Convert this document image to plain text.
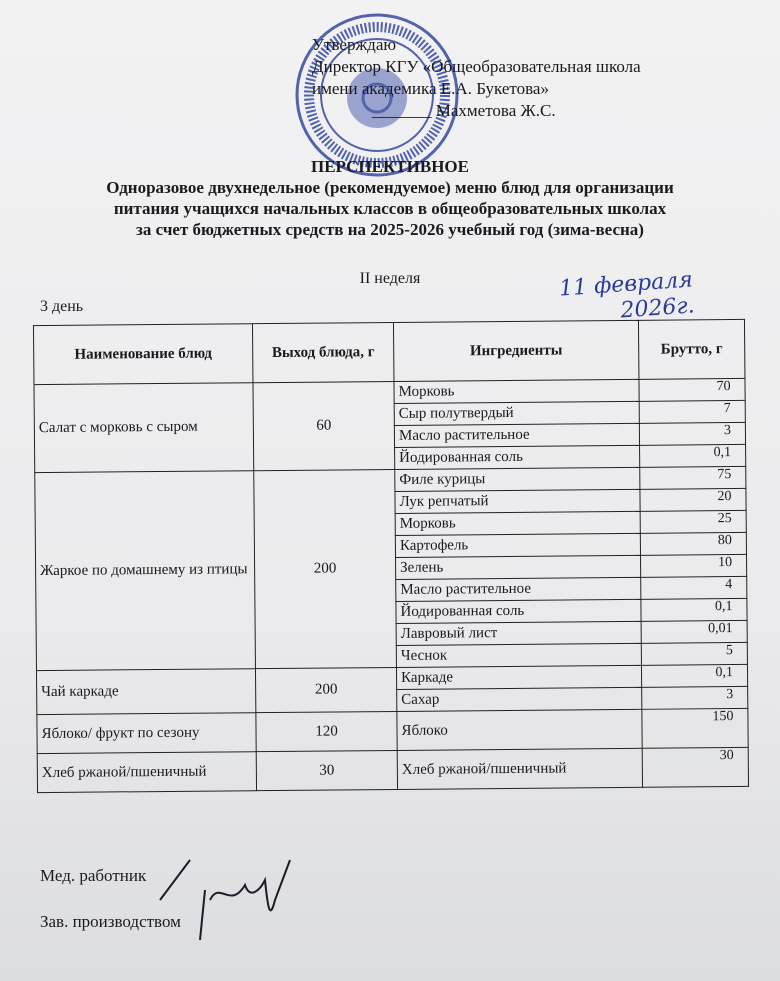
Утверждаю
Директор КГУ «Общеобразовательная школа
имени академика Е.А. Букетова»
_______ Махметова Ж.С.
ПЕРСПЕКТИВНОЕ
Одноразовое двухнедельное (рекомендуемое) меню блюд для организации
питания учащихся начальных классов в общеобразовательных школах
за счет бюджетных средств на 2025-2026 учебный год (зима-весна)
II неделя
3 день
11 февраля
2026г.
Наименование блюд	Выход блюда, г	Ингредиенты	Брутто, г
Салат с морковь с сыром	60	Морковь	70
		Сыр полутвердый	7
		Масло растительное	3
		Йодированная соль	0,1
Жаркое по домашнему из птицы	200	Филе курицы	75
		Лук репчатый	20
		Морковь	25
		Картофель	80
		Зелень	10
		Масло растительное	4
		Йодированная соль	0,1
		Лавровый лист	0,01
		Чеснок	5
Чай каркаде	200	Каркаде	0,1
		Сахар	3
Яблоко/ фрукт по сезону	120	Яблоко	150
Хлеб ржаной/пшеничный	30	Хлеб ржаной/пшеничный	30
Мед. работник
Зав. производством
